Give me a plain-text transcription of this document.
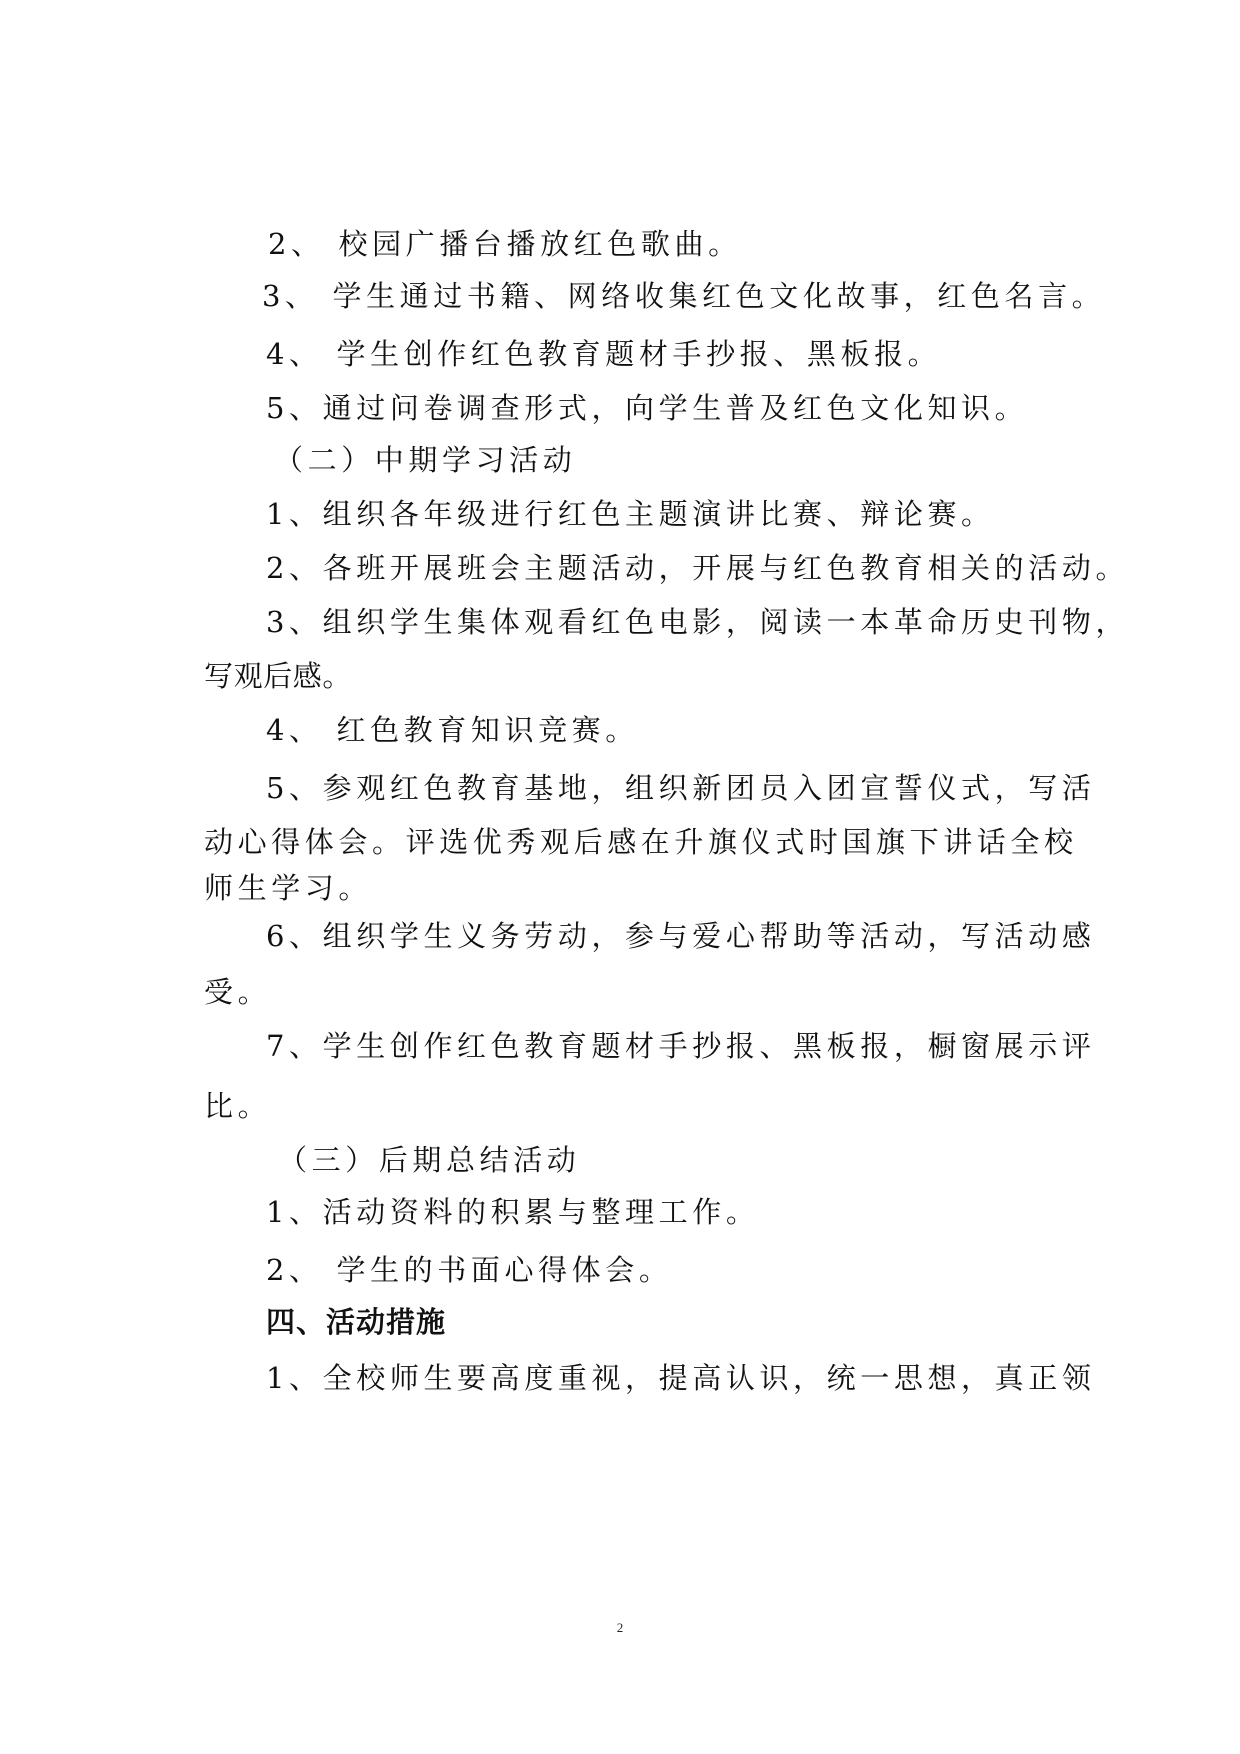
2、 校园广播台播放红色歌曲。

3、 学生通过书籍、网络收集红色文化故事，红色名言。

4、 学生创作红色教育题材手抄报、黑板报。

5、通过问卷调查形式，向学生普及红色文化知识。

（二）中期学习活动

1、组织各年级进行红色主题演讲比赛、辩论赛。

2、各班开展班会主题活动，开展与红色教育相关的活动。

3、组织学生集体观看红色电影，阅读一本革命历史刊物，

写观后感。

4、 红色教育知识竞赛。

5、参观红色教育基地，组织新团员入团宣誓仪式，写活

动心得体会。评选优秀观后感在升旗仪式时国旗下讲话全校

师生学习。

6、组织学生义务劳动，参与爱心帮助等活动，写活动感

受。

7、学生创作红色教育题材手抄报、黑板报，橱窗展示评

比。

（三）后期总结活动

1、活动资料的积累与整理工作。

2、 学生的书面心得体会。

四、活动措施

1、全校师生要高度重视，提高认识，统一思想，真正领

2
